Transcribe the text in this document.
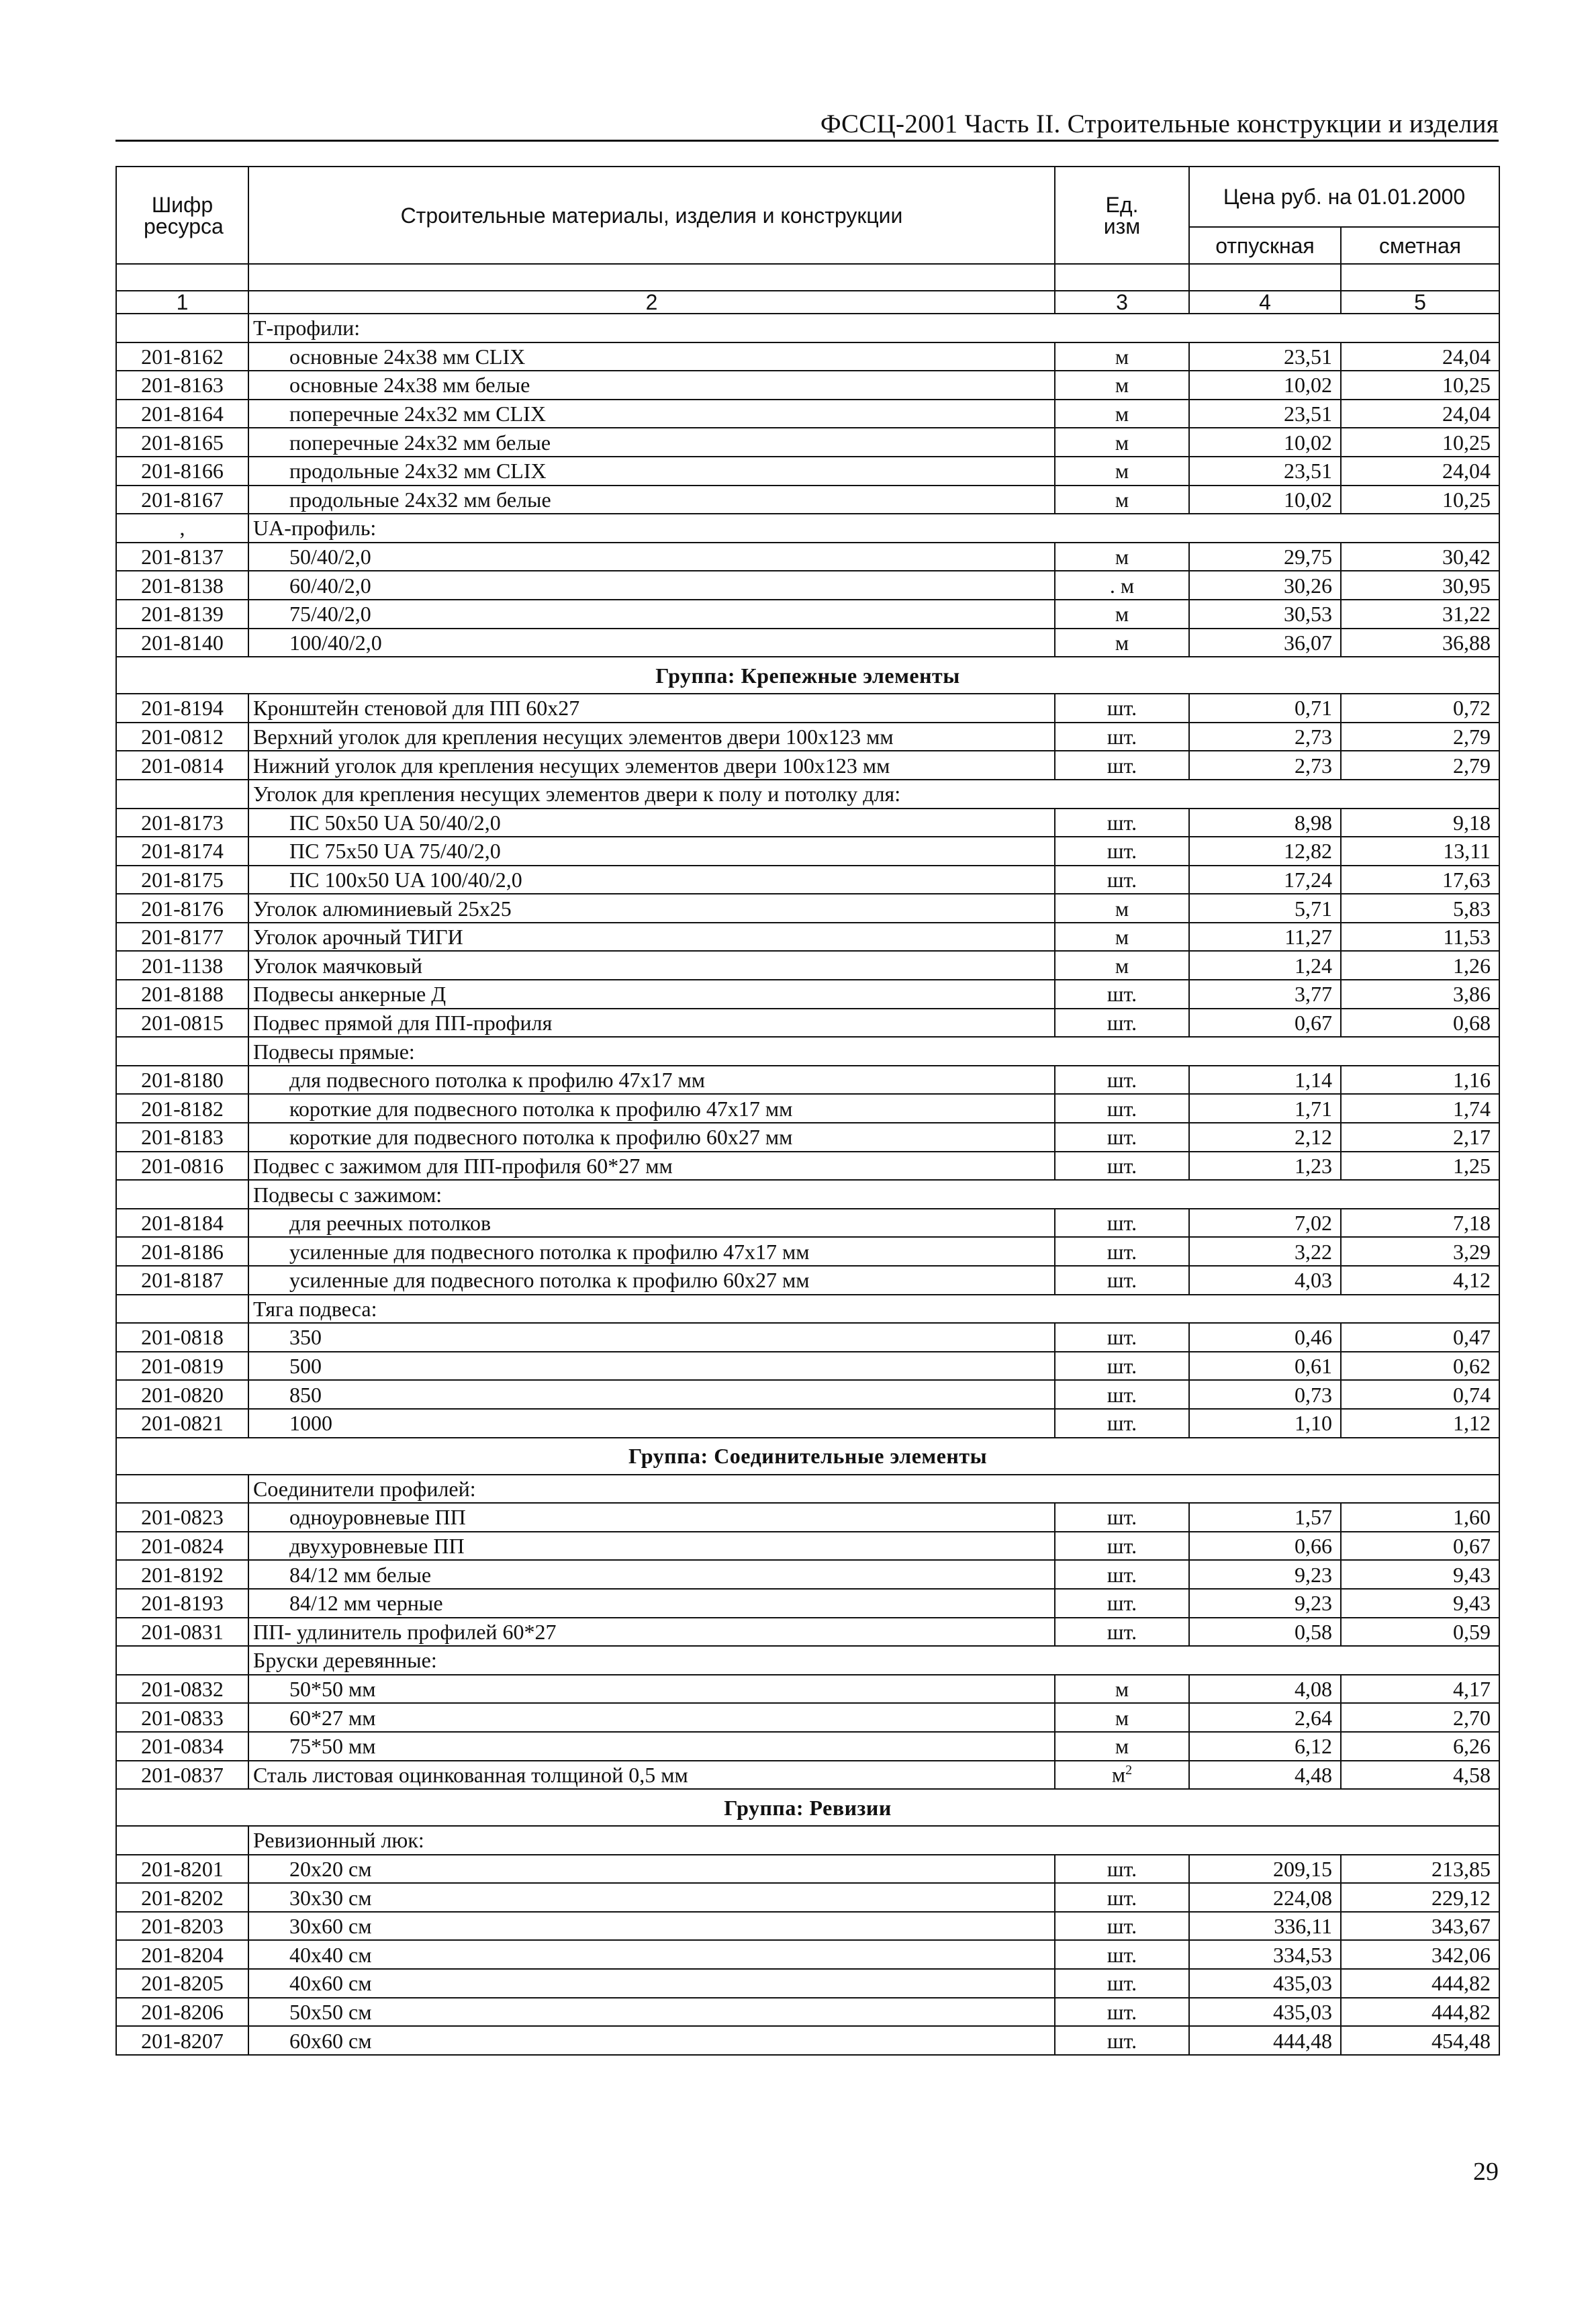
ФССЦ-2001 Часть II. Строительные конструкции и изделия
Шифр ресурса	Строительные материалы, изделия и конструкции	Ед. изм	Цена руб. на 01.01.2000	
			отпускная	сметная

1	2	3	4	5
	Т-профили:			
201-8162	основные 24х38 мм CLIX	м	23,51	24,04
201-8163	основные 24х38 мм белые	м	10,02	10,25
201-8164	поперечные 24х32 мм CLIX	м	23,51	24,04
201-8165	поперечные 24х32 мм белые	м	10,02	10,25
201-8166	продольные 24х32 мм CLIX	м	23,51	24,04
201-8167	продольные 24х32 мм белые	м	10,02	10,25
,	UA-профиль:			
201-8137	50/40/2,0	м	29,75	30,42
201-8138	60/40/2,0	. м	30,26	30,95
201-8139	75/40/2,0	м	30,53	31,22
201-8140	100/40/2,0	м	36,07	36,88
Группа: Крепежные элементы				
201-8194	Кронштейн стеновой для ПП 60х27	шт.	0,71	0,72
201-0812	Верхний уголок для крепления несущих элементов двери 100х123 мм	шт.	2,73	2,79
201-0814	Нижний уголок для крепления несущих элементов двери 100х123 мм	шт.	2,73	2,79
	Уголок для крепления несущих элементов двери к полу и потолку для:			
201-8173	ПС 50х50 UA 50/40/2,0	шт.	8,98	9,18
201-8174	ПС 75х50 UA 75/40/2,0	шт.	12,82	13,11
201-8175	ПС 100х50 UA 100/40/2,0	шт.	17,24	17,63
201-8176	Уголок алюминиевый 25х25	м	5,71	5,83
201-8177	Уголок арочный ТИГИ	м	11,27	11,53
201-1138	Уголок маячковый	м	1,24	1,26
201-8188	Подвесы анкерные Д	шт.	3,77	3,86
201-0815	Подвес прямой для ПП-профиля	шт.	0,67	0,68
	Подвесы прямые:			
201-8180	для подвесного потолка к профилю 47х17 мм	шт.	1,14	1,16
201-8182	короткие для подвесного потолка к профилю 47х17 мм	шт.	1,71	1,74
201-8183	короткие для подвесного потолка к профилю 60х27 мм	шт.	2,12	2,17
201-0816	Подвес с зажимом для ПП-профиля 60*27 мм	шт.	1,23	1,25
	Подвесы с зажимом:			
201-8184	для реечных потолков	шт.	7,02	7,18
201-8186	усиленные для подвесного потолка к профилю 47х17 мм	шт.	3,22	3,29
201-8187	усиленные для подвесного потолка к профилю 60х27 мм	шт.	4,03	4,12
	Тяга подвеса:			
201-0818	350	шт.	0,46	0,47
201-0819	500	шт.	0,61	0,62
201-0820	850	шт.	0,73	0,74
201-0821	1000	шт.	1,10	1,12
Группа: Соединительные элементы				
	Соединители профилей:			
201-0823	одноуровневые ПП	шт.	1,57	1,60
201-0824	двухуровневые ПП	шт.	0,66	0,67
201-8192	84/12 мм белые	шт.	9,23	9,43
201-8193	84/12 мм черные	шт.	9,23	9,43
201-0831	ПП- удлинитель профилей 60*27	шт.	0,58	0,59
	Бруски деревянные:			
201-0832	50*50 мм	м	4,08	4,17
201-0833	60*27 мм	м	2,64	2,70
201-0834	75*50 мм	м	6,12	6,26
201-0837	Сталь листовая оцинкованная толщиной 0,5 мм	$м^2$	4,48	4,58
Группа: Ревизии				
	Ревизионный люк:			
201-8201	20х20 см	шт.	209,15	213,85
201-8202	30х30 см	шт.	224,08	229,12
201-8203	30х60 см	шт.	336,11	343,67
201-8204	40х40 см	шт.	334,53	342,06
201-8205	40х60 см	шт.	435,03	444,82
201-8206	50х50 см	шт.	435,03	444,82
201-8207	60х60 см	шт.	444,48	454,48
29
